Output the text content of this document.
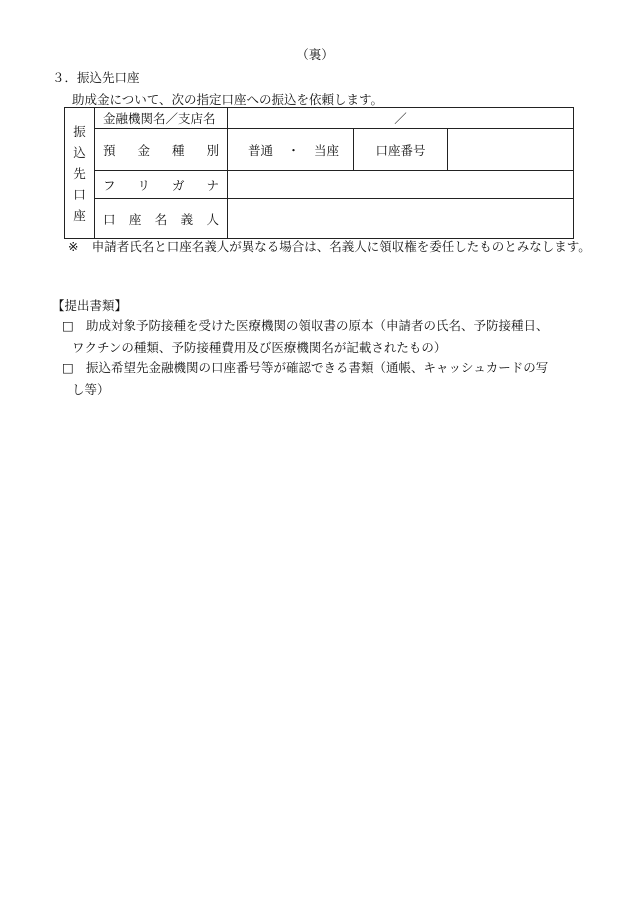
（裏）
３．振込先口座
助成金について、次の指定口座への振込を依頼します。
振
込
先
口
座	金融機関名／支店名	／		

	預 金 種 別	普通 ・ 当座	口座番号	

	フ リ ガ ナ			

	口 座 名 義 人			

※ 申請者氏名と口座名義人が異なる場合は、名義人に領収権を委任したものとみなします。
【提出書類】
□ 助成対象予防接種を受けた医療機関の領収書の原本（申請者の氏名、予防接種日、
ワクチンの種類、予防接種費用及び医療機関名が記載されたもの）
□ 振込希望先金融機関の口座番号等が確認できる書類（通帳、キャッシュカードの写
し等）
